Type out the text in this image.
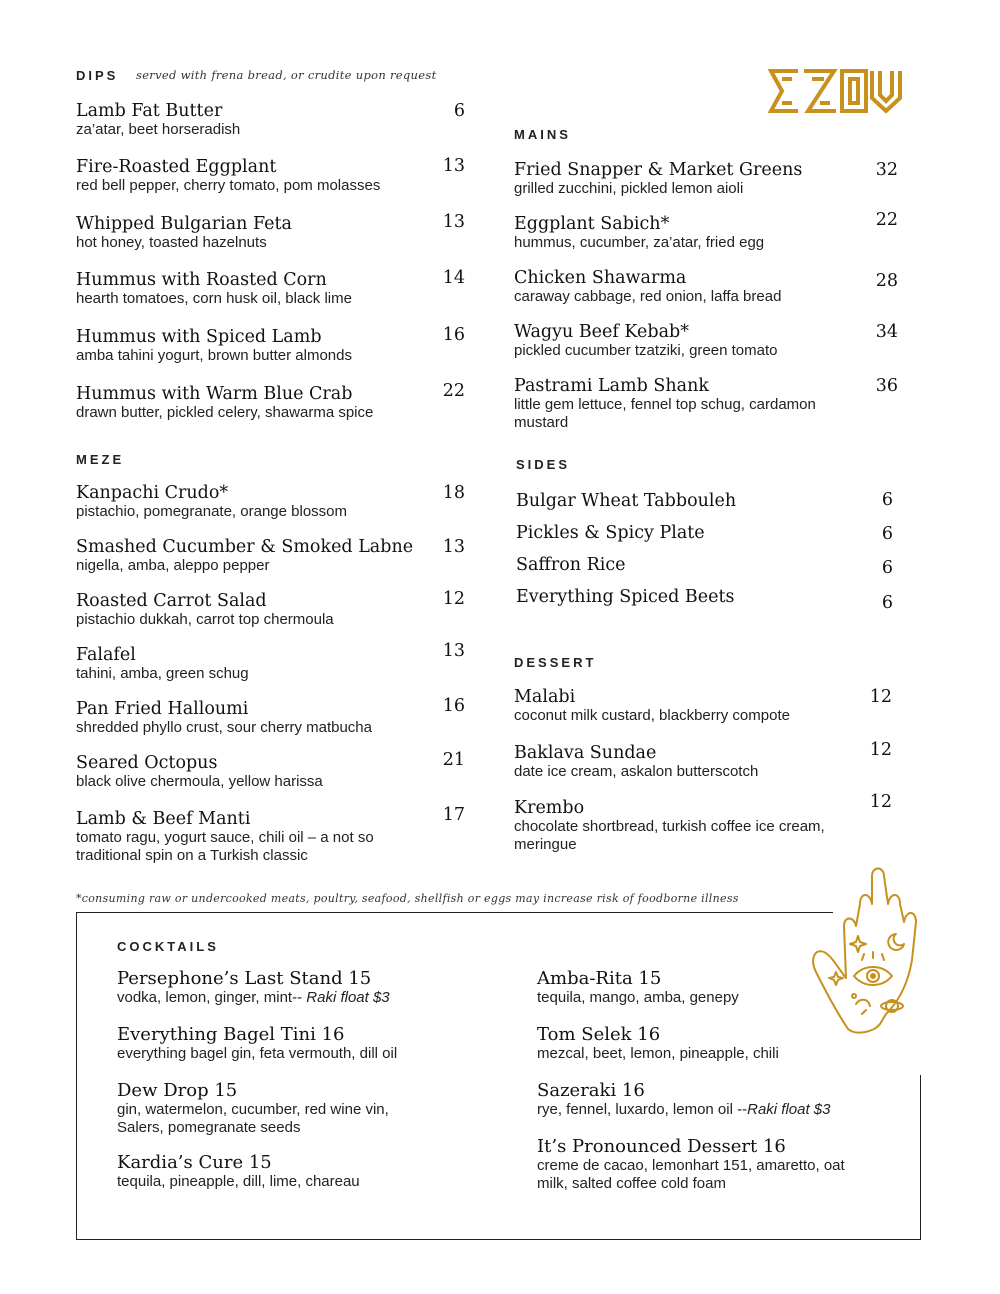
DIPS served with frena bread, or crudite upon request
Lamb Fat Butter
za’atar, beet horseradish
6
Fire-Roasted Eggplant
red bell pepper, cherry tomato, pom molasses
13
Whipped Bulgarian Feta
hot honey, toasted hazelnuts
13
Hummus with Roasted Corn
hearth tomatoes, corn husk oil, black lime
14
Hummus with Spiced Lamb
amba tahini yogurt, brown butter almonds
16
Hummus with Warm Blue Crab
drawn butter, pickled celery, shawarma spice
22
MEZE
Kanpachi Crudo*
pistachio, pomegranate, orange blossom
18
Smashed Cucumber & Smoked Labne
nigella, amba, aleppo pepper
13
Roasted Carrot Salad
pistachio dukkah, carrot top chermoula
12
Falafel
tahini, amba, green schug
13
Pan Fried Halloumi
shredded phyllo crust, sour cherry matbucha
16
Seared Octopus
black olive chermoula, yellow harissa
21
Lamb & Beef Manti
tomato ragu, yogurt sauce, chili oil – a not so traditional spin on a Turkish classic
17
MAINS
Fried Snapper & Market Greens
grilled zucchini, pickled lemon aioli
32
Eggplant Sabich*
hummus, cucumber, za’atar, fried egg
22
Chicken Shawarma
caraway cabbage, red onion, laffa bread
28
Wagyu Beef Kebab*
pickled cucumber tzatziki, green tomato
34
Pastrami Lamb Shank
little gem lettuce, fennel top schug, cardamon mustard
36
SIDES
Bulgar Wheat Tabbouleh	6
Pickles & Spicy Plate	6
Saffron Rice	6
Everything Spiced Beets	6
DESSERT
Malabi
coconut milk custard, blackberry compote
12
Baklava Sundae
date ice cream, askalon butterscotch
12
Krembo
chocolate shortbread, turkish coffee ice cream, meringue
12
*consuming raw or undercooked meats, poultry, seafood, shellfish or eggs may increase risk of foodborne illness
COCKTAILS
Persephone’s Last Stand 15
vodka, lemon, ginger, mint-- Raki float $3
Everything Bagel Tini 16
everything bagel gin, feta vermouth, dill oil
Dew Drop 15
gin, watermelon, cucumber, red wine vin, Salers, pomegranate seeds
Kardia’s Cure 15
tequila, pineapple, dill, lime, chareau
Amba-Rita 15
tequila, mango, amba, genepy
Tom Selek 16
mezcal, beet, lemon, pineapple, chili
Sazeraki 16
rye, fennel, luxardo, lemon oil --Raki float $3
It’s Pronounced Dessert 16
creme de cacao, lemonhart 151, amaretto, oat milk, salted coffee cold foam
